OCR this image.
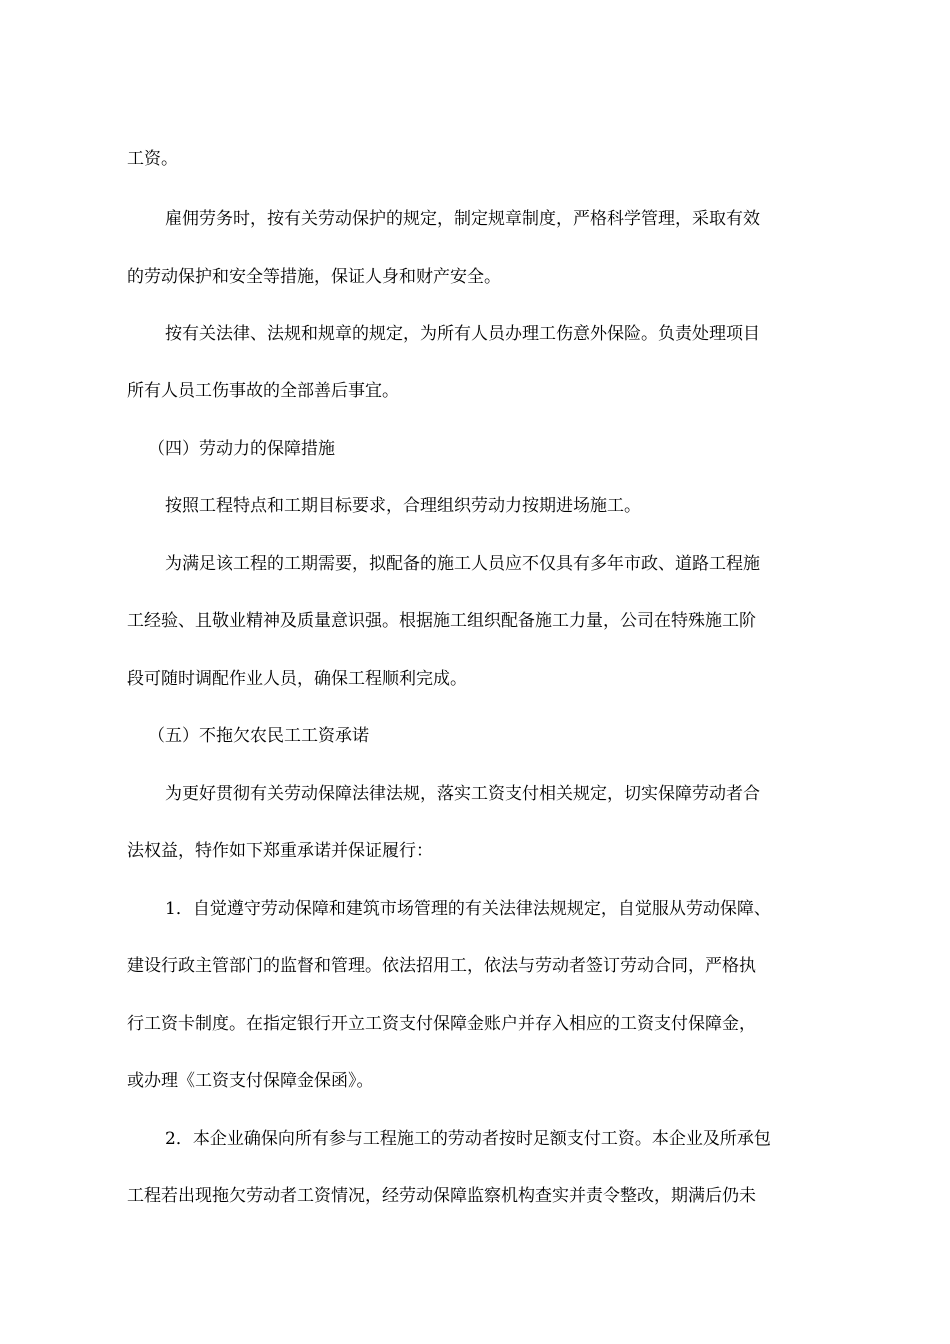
工资。
雇佣劳务时，按有关劳动保护的规定，制定规章制度，严格科学管理，采取有效
的劳动保护和安全等措施，保证人身和财产安全。
按有关法律、法规和规章的规定，为所有人员办理工伤意外保险。负责处理项目
所有人员工伤事故的全部善后事宜。
（四）劳动力的保障措施
按照工程特点和工期目标要求，合理组织劳动力按期进场施工。
为满足该工程的工期需要，拟配备的施工人员应不仅具有多年市政、道路工程施
工经验、且敬业精神及质量意识强。根据施工组织配备施工力量，公司在特殊施工阶
段可随时调配作业人员，确保工程顺利完成。
（五）不拖欠农民工工资承诺
为更好贯彻有关劳动保障法律法规，落实工资支付相关规定，切实保障劳动者合
法权益，特作如下郑重承诺并保证履行：
1．自觉遵守劳动保障和建筑市场管理的有关法律法规规定，自觉服从劳动保障、
建设行政主管部门的监督和管理。依法招用工，依法与劳动者签订劳动合同，严格执
行工资卡制度。在指定银行开立工资支付保障金账户并存入相应的工资支付保障金，
或办理《工资支付保障金保函》。
2．本企业确保向所有参与工程施工的劳动者按时足额支付工资。本企业及所承包
工程若出现拖欠劳动者工资情况，经劳动保障监察机构查实并责令整改，期满后仍未
